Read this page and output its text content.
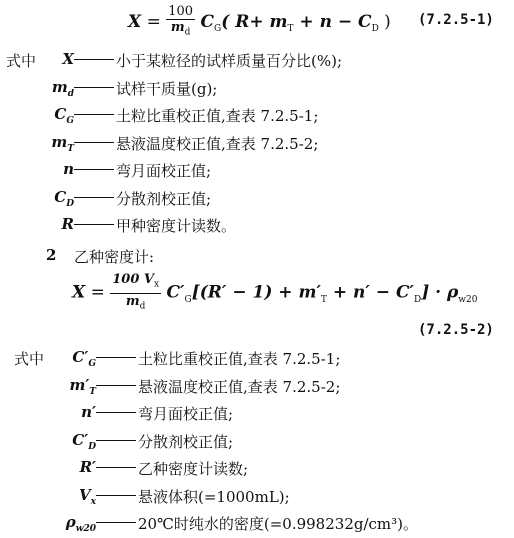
$X = \frac{100}{m_d} C_G$( $R+ m_T + n - C_D$ ) (7.2.5-1)
式中 X	小于某粒径的试样质量百分比(%);
$m_d$	试样干质量(g);
$C_G$	土粒比重校正值,查表 7.2.5-1;
$m_T$	悬液温度校正值,查表 7.2.5-2;
n	弯月面校正值;
$C_D$	分散剂校正值;
R	甲种密度计读数。
2 乙种密度计:
$X = \frac{100 V_x}{m_d} C'_G[(R' - 1) + m'_T + n' - C'_D] \cdot \rho_{w20}$
(7.2.5-2)
式中 $C'_G$	土粒比重校正值,查表 7.2.5-1;
$m'_T$	悬液温度校正值,查表 7.2.5-2;
n′	弯月面校正值;
$C'_D$	分散剂校正值;
R′	乙种密度计读数;
$V_x$	悬液体积(=1000mL);
$\rho_{w20}$	20℃时纯水的密度(=0.998232g/cm³)。
